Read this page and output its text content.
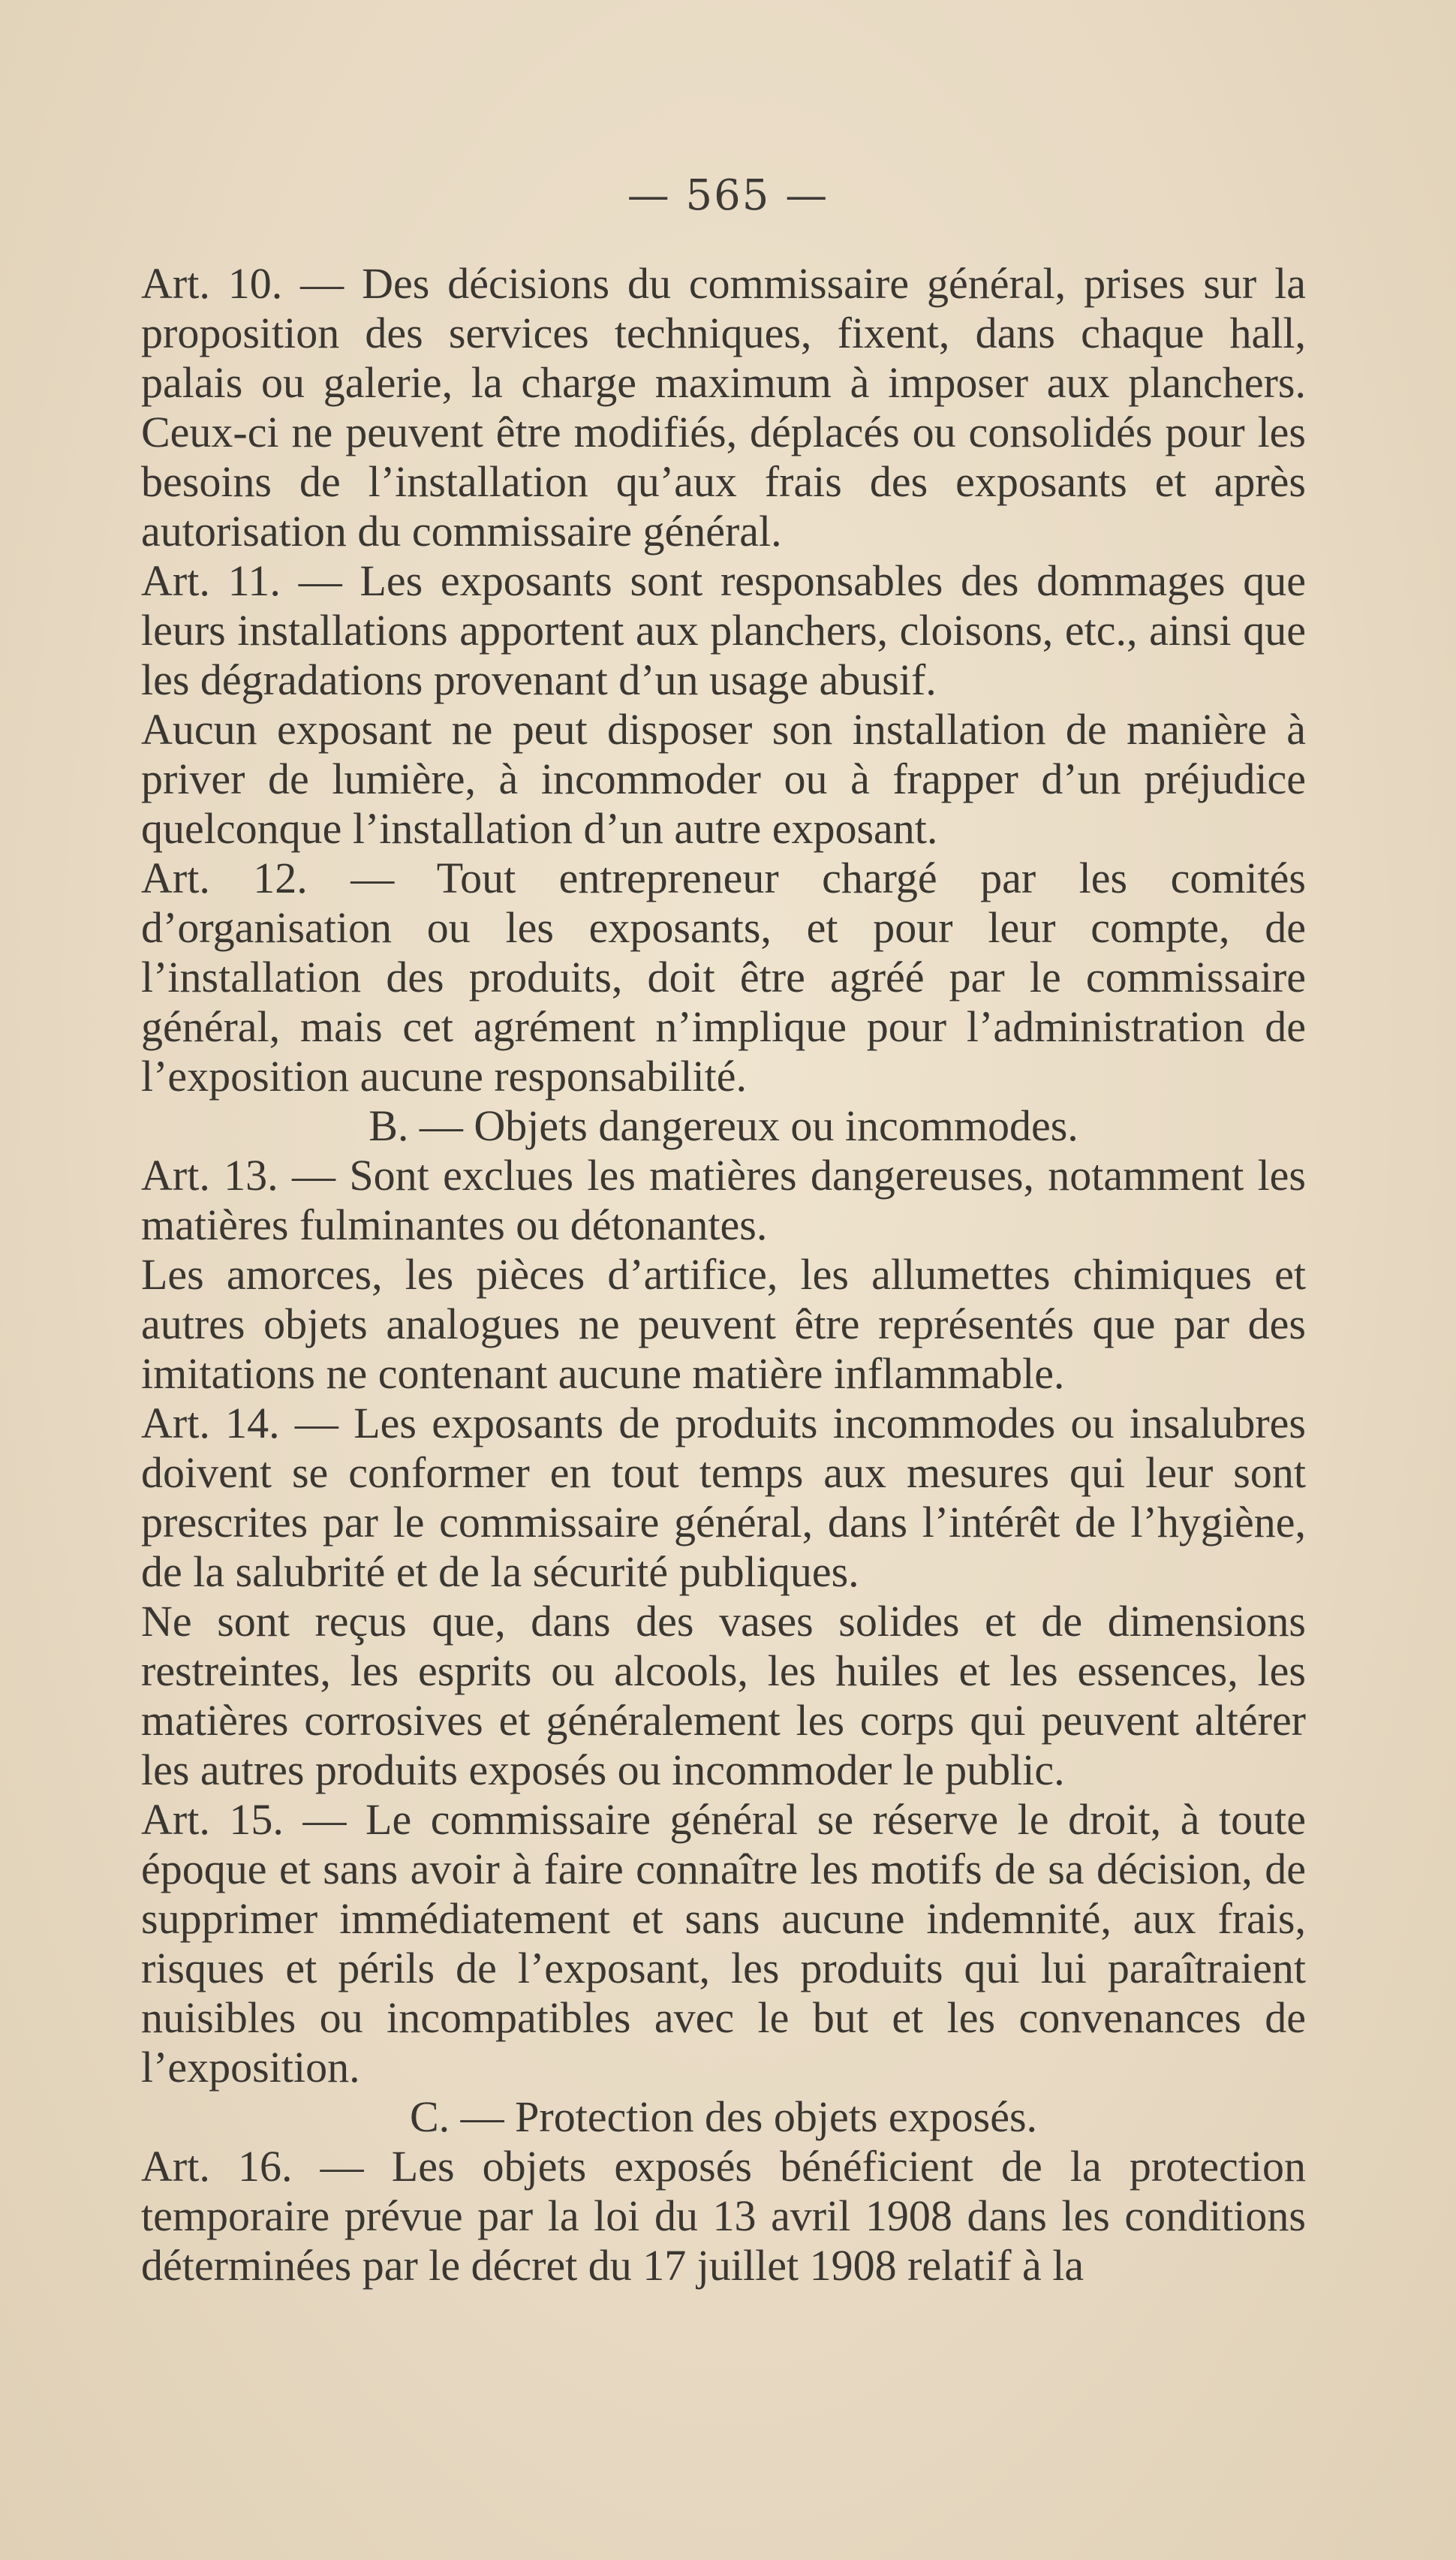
— 565 —

Art. 10. — Des décisions du commissaire général, prises sur la proposition des services techniques, fixent, dans chaque hall, palais ou galerie, la charge maximum à imposer aux planchers. Ceux-ci ne peuvent être modifiés, déplacés ou consolidés pour les besoins de l’installation qu’aux frais des exposants et après autorisation du commissaire général.

Art. 11. — Les exposants sont responsables des dommages que leurs installations apportent aux planchers, cloisons, etc., ainsi que les dégradations provenant d’un usage abusif.

Aucun exposant ne peut disposer son installation de manière à priver de lumière, à incommoder ou à frapper d’un préjudice quelconque l’installation d’un autre exposant.

Art. 12. — Tout entrepreneur chargé par les comités d’organisation ou les exposants, et pour leur compte, de l’installation des produits, doit être agréé par le commissaire général, mais cet agrément n’implique pour l’administration de l’exposition aucune responsabilité.

B. — Objets dangereux ou incommodes.

Art. 13. — Sont exclues les matières dangereuses, notamment les matières fulminantes ou détonantes.

Les amorces, les pièces d’artifice, les allumettes chimiques et autres objets analogues ne peuvent être représentés que par des imitations ne contenant aucune matière inflammable.

Art. 14. — Les exposants de produits incommodes ou insalubres doivent se conformer en tout temps aux mesures qui leur sont prescrites par le commissaire général, dans l’intérêt de l’hygiène, de la salubrité et de la sécurité publiques.

Ne sont reçus que, dans des vases solides et de dimensions restreintes, les esprits ou alcools, les huiles et les essences, les matières corrosives et généralement les corps qui peuvent altérer les autres produits exposés ou incommoder le public.

Art. 15. — Le commissaire général se réserve le droit, à toute époque et sans avoir à faire connaître les motifs de sa décision, de supprimer immédiatement et sans aucune indemnité, aux frais, risques et périls de l’exposant, les produits qui lui paraîtraient nuisibles ou incompatibles avec le but et les convenances de l’exposition.

C. — Protection des objets exposés.

Art. 16. — Les objets exposés bénéficient de la protection temporaire prévue par la loi du 13 avril 1908 dans les conditions déterminées par le décret du 17 juillet 1908 relatif à la
